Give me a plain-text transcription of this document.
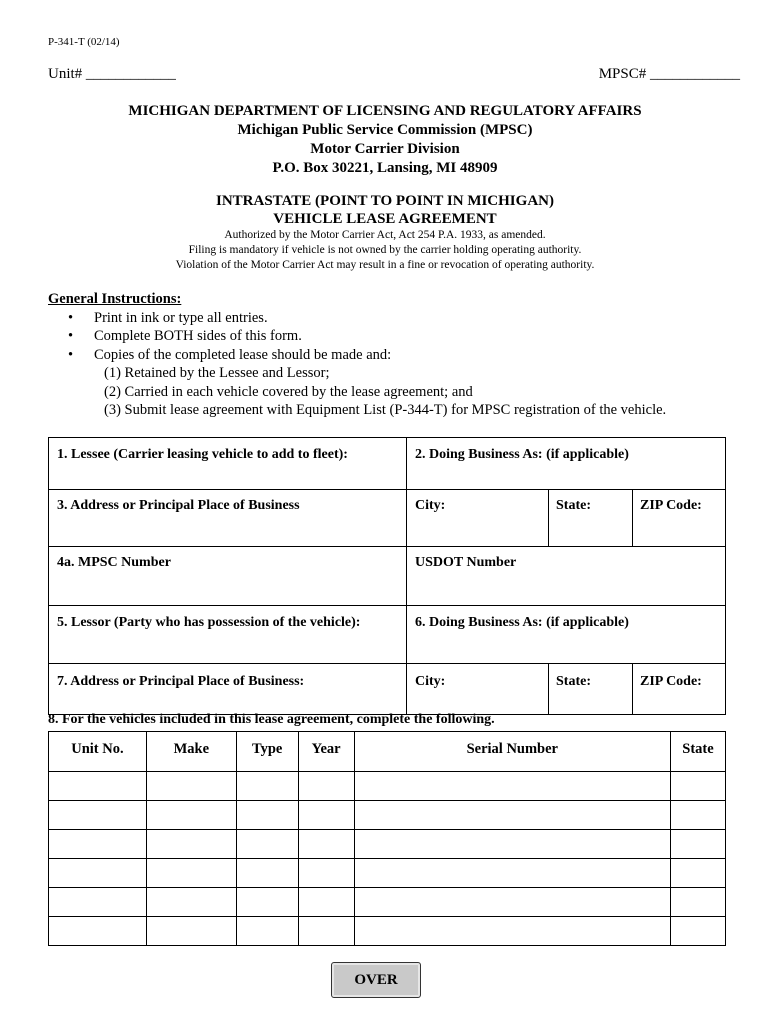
P-341-T (02/14)
Unit# ____________	MPSC# ____________
MICHIGAN DEPARTMENT OF LICENSING AND REGULATORY AFFAIRS
Michigan Public Service Commission (MPSC)
Motor Carrier Division
P.O. Box 30221, Lansing, MI 48909
INTRASTATE (POINT TO POINT IN MICHIGAN)
VEHICLE LEASE AGREEMENT
Authorized by the Motor Carrier Act, Act 254 P.A. 1933, as amended.
Filing is mandatory if vehicle is not owned by the carrier holding operating authority.
Violation of the Motor Carrier Act may result in a fine or revocation of operating authority.
General Instructions:
• Print in ink or type all entries.
• Complete BOTH sides of this form.
• Copies of the completed lease should be made and:
(1) Retained by the Lessee and Lessor;
(2) Carried in each vehicle covered by the lease agreement; and
(3) Submit lease agreement with Equipment List (P-344-T) for MPSC registration of the vehicle.
1. Lessee (Carrier leasing vehicle to add to fleet):	2. Doing Business As: (if applicable)
3. Address or Principal Place of Business	City:	State:	ZIP Code:
4a. MPSC Number	USDOT Number
5. Lessor (Party who has possession of the vehicle):	6. Doing Business As: (if applicable)
7. Address or Principal Place of Business:	City:	State:	ZIP Code:
8. For the vehicles included in this lease agreement, complete the following.
Unit No.	Make	Type	Year	Serial Number	State

OVER
